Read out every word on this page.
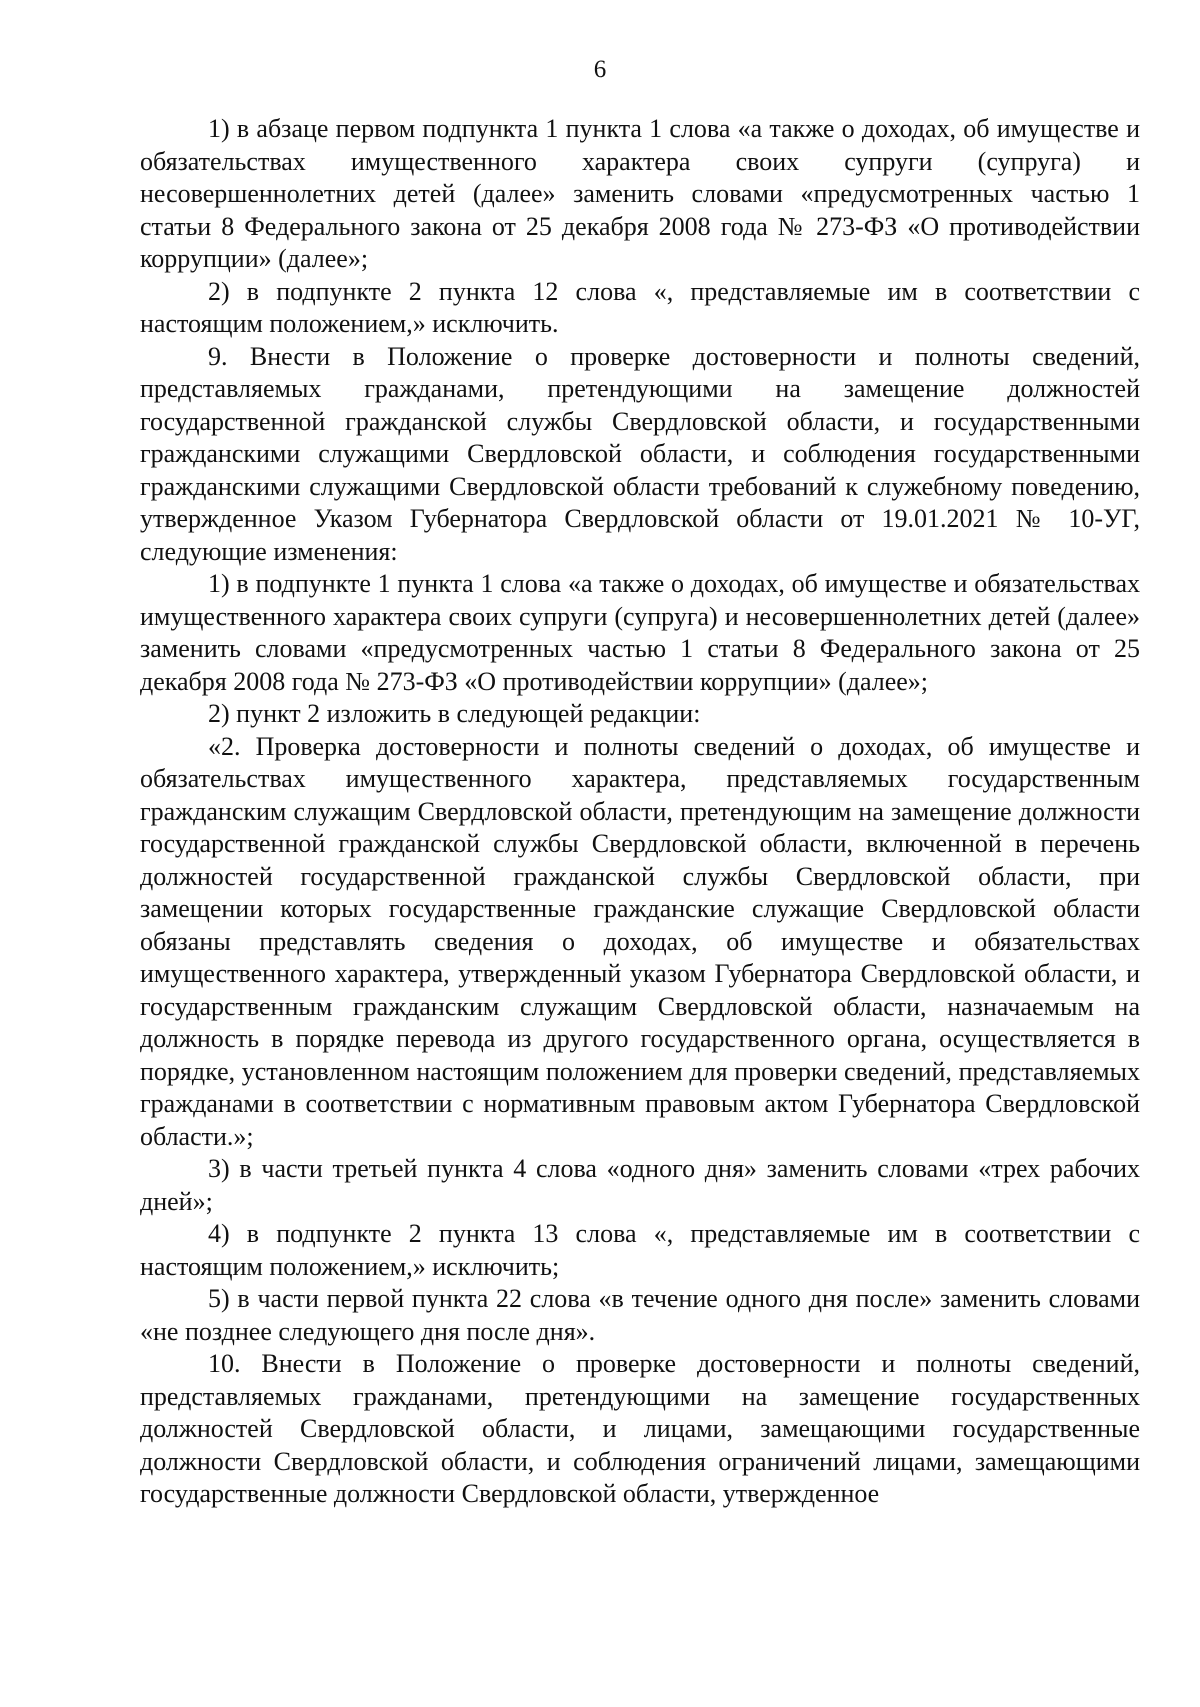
6

1) в абзаце первом подпункта 1 пункта 1 слова «а также о доходах, об имуществе и обязательствах имущественного характера своих супруги (супруга) и несовершеннолетних детей (далее» заменить словами «предусмотренных частью 1 статьи 8 Федерального закона от 25 декабря 2008 года № 273-ФЗ «О противодействии коррупции» (далее»;

2) в подпункте 2 пункта 12 слова «, представляемые им в соответствии с настоящим положением,» исключить.

9. Внести в Положение о проверке достоверности и полноты сведений, представляемых гражданами, претендующими на замещение должностей государственной гражданской службы Свердловской области, и государственными гражданскими служащими Свердловской области, и соблюдения государственными гражданскими служащими Свердловской области требований к служебному поведению, утвержденное Указом Губернатора Свердловской области от 19.01.2021 № 10-УГ, следующие изменения:

1) в подпункте 1 пункта 1 слова «а также о доходах, об имуществе и обязательствах имущественного характера своих супруги (супруга) и несовершеннолетних детей (далее» заменить словами «предусмотренных частью 1 статьи 8 Федерального закона от 25 декабря 2008 года № 273-ФЗ «О противодействии коррупции» (далее»;

2) пункт 2 изложить в следующей редакции:

«2. Проверка достоверности и полноты сведений о доходах, об имуществе и обязательствах имущественного характера, представляемых государственным гражданским служащим Свердловской области, претендующим на замещение должности государственной гражданской службы Свердловской области, включенной в перечень должностей государственной гражданской службы Свердловской области, при замещении которых государственные гражданские служащие Свердловской области обязаны представлять сведения о доходах, об имуществе и обязательствах имущественного характера, утвержденный указом Губернатора Свердловской области, и государственным гражданским служащим Свердловской области, назначаемым на должность в порядке перевода из другого государственного органа, осуществляется в порядке, установленном настоящим положением для проверки сведений, представляемых гражданами в соответствии с нормативным правовым актом Губернатора Свердловской области.»;

3) в части третьей пункта 4 слова «одного дня» заменить словами «трех рабочих дней»;

4) в подпункте 2 пункта 13 слова «, представляемые им в соответствии с настоящим положением,» исключить;

5) в части первой пункта 22 слова «в течение одного дня после» заменить словами «не позднее следующего дня после дня».

10. Внести в Положение о проверке достоверности и полноты сведений, представляемых гражданами, претендующими на замещение государственных должностей Свердловской области, и лицами, замещающими государственные должности Свердловской области, и соблюдения ограничений лицами, замещающими государственные должности Свердловской области, утвержденное
